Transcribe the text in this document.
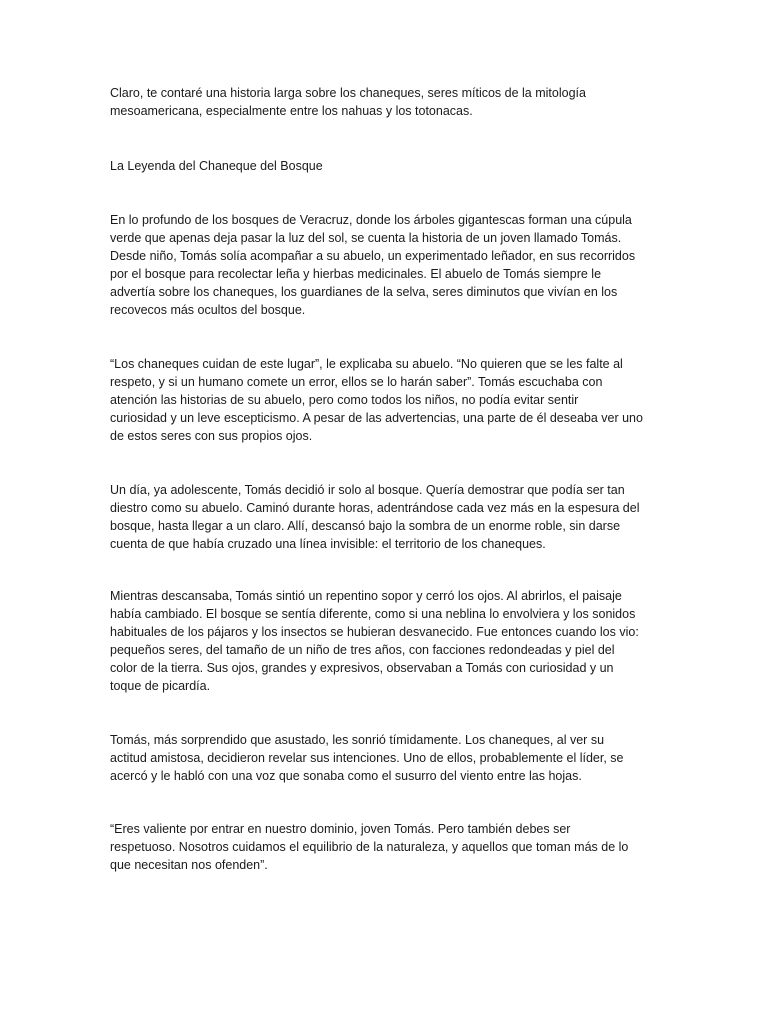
Claro, te contaré una historia larga sobre los chaneques, seres míticos de la mitología
mesoamericana, especialmente entre los nahuas y los totonacas.

La Leyenda del Chaneque del Bosque

En lo profundo de los bosques de Veracruz, donde los árboles gigantescas forman una cúpula
verde que apenas deja pasar la luz del sol, se cuenta la historia de un joven llamado Tomás.
Desde niño, Tomás solía acompañar a su abuelo, un experimentado leñador, en sus recorridos
por el bosque para recolectar leña y hierbas medicinales. El abuelo de Tomás siempre le
advertía sobre los chaneques, los guardianes de la selva, seres diminutos que vivían en los
recovecos más ocultos del bosque.

“Los chaneques cuidan de este lugar”, le explicaba su abuelo. “No quieren que se les falte al
respeto, y si un humano comete un error, ellos se lo harán saber”. Tomás escuchaba con
atención las historias de su abuelo, pero como todos los niños, no podía evitar sentir
curiosidad y un leve escepticismo. A pesar de las advertencias, una parte de él deseaba ver uno
de estos seres con sus propios ojos.

Un día, ya adolescente, Tomás decidió ir solo al bosque. Quería demostrar que podía ser tan
diestro como su abuelo. Caminó durante horas, adentrándose cada vez más en la espesura del
bosque, hasta llegar a un claro. Allí, descansó bajo la sombra de un enorme roble, sin darse
cuenta de que había cruzado una línea invisible: el territorio de los chaneques.

Mientras descansaba, Tomás sintió un repentino sopor y cerró los ojos. Al abrirlos, el paisaje
había cambiado. El bosque se sentía diferente, como si una neblina lo envolviera y los sonidos
habituales de los pájaros y los insectos se hubieran desvanecido. Fue entonces cuando los vio:
pequeños seres, del tamaño de un niño de tres años, con facciones redondeadas y piel del
color de la tierra. Sus ojos, grandes y expresivos, observaban a Tomás con curiosidad y un
toque de picardía.

Tomás, más sorprendido que asustado, les sonrió tímidamente. Los chaneques, al ver su
actitud amistosa, decidieron revelar sus intenciones. Uno de ellos, probablemente el líder, se
acercó y le habló con una voz que sonaba como el susurro del viento entre las hojas.

“Eres valiente por entrar en nuestro dominio, joven Tomás. Pero también debes ser
respetuoso. Nosotros cuidamos el equilibrio de la naturaleza, y aquellos que toman más de lo
que necesitan nos ofenden”.
